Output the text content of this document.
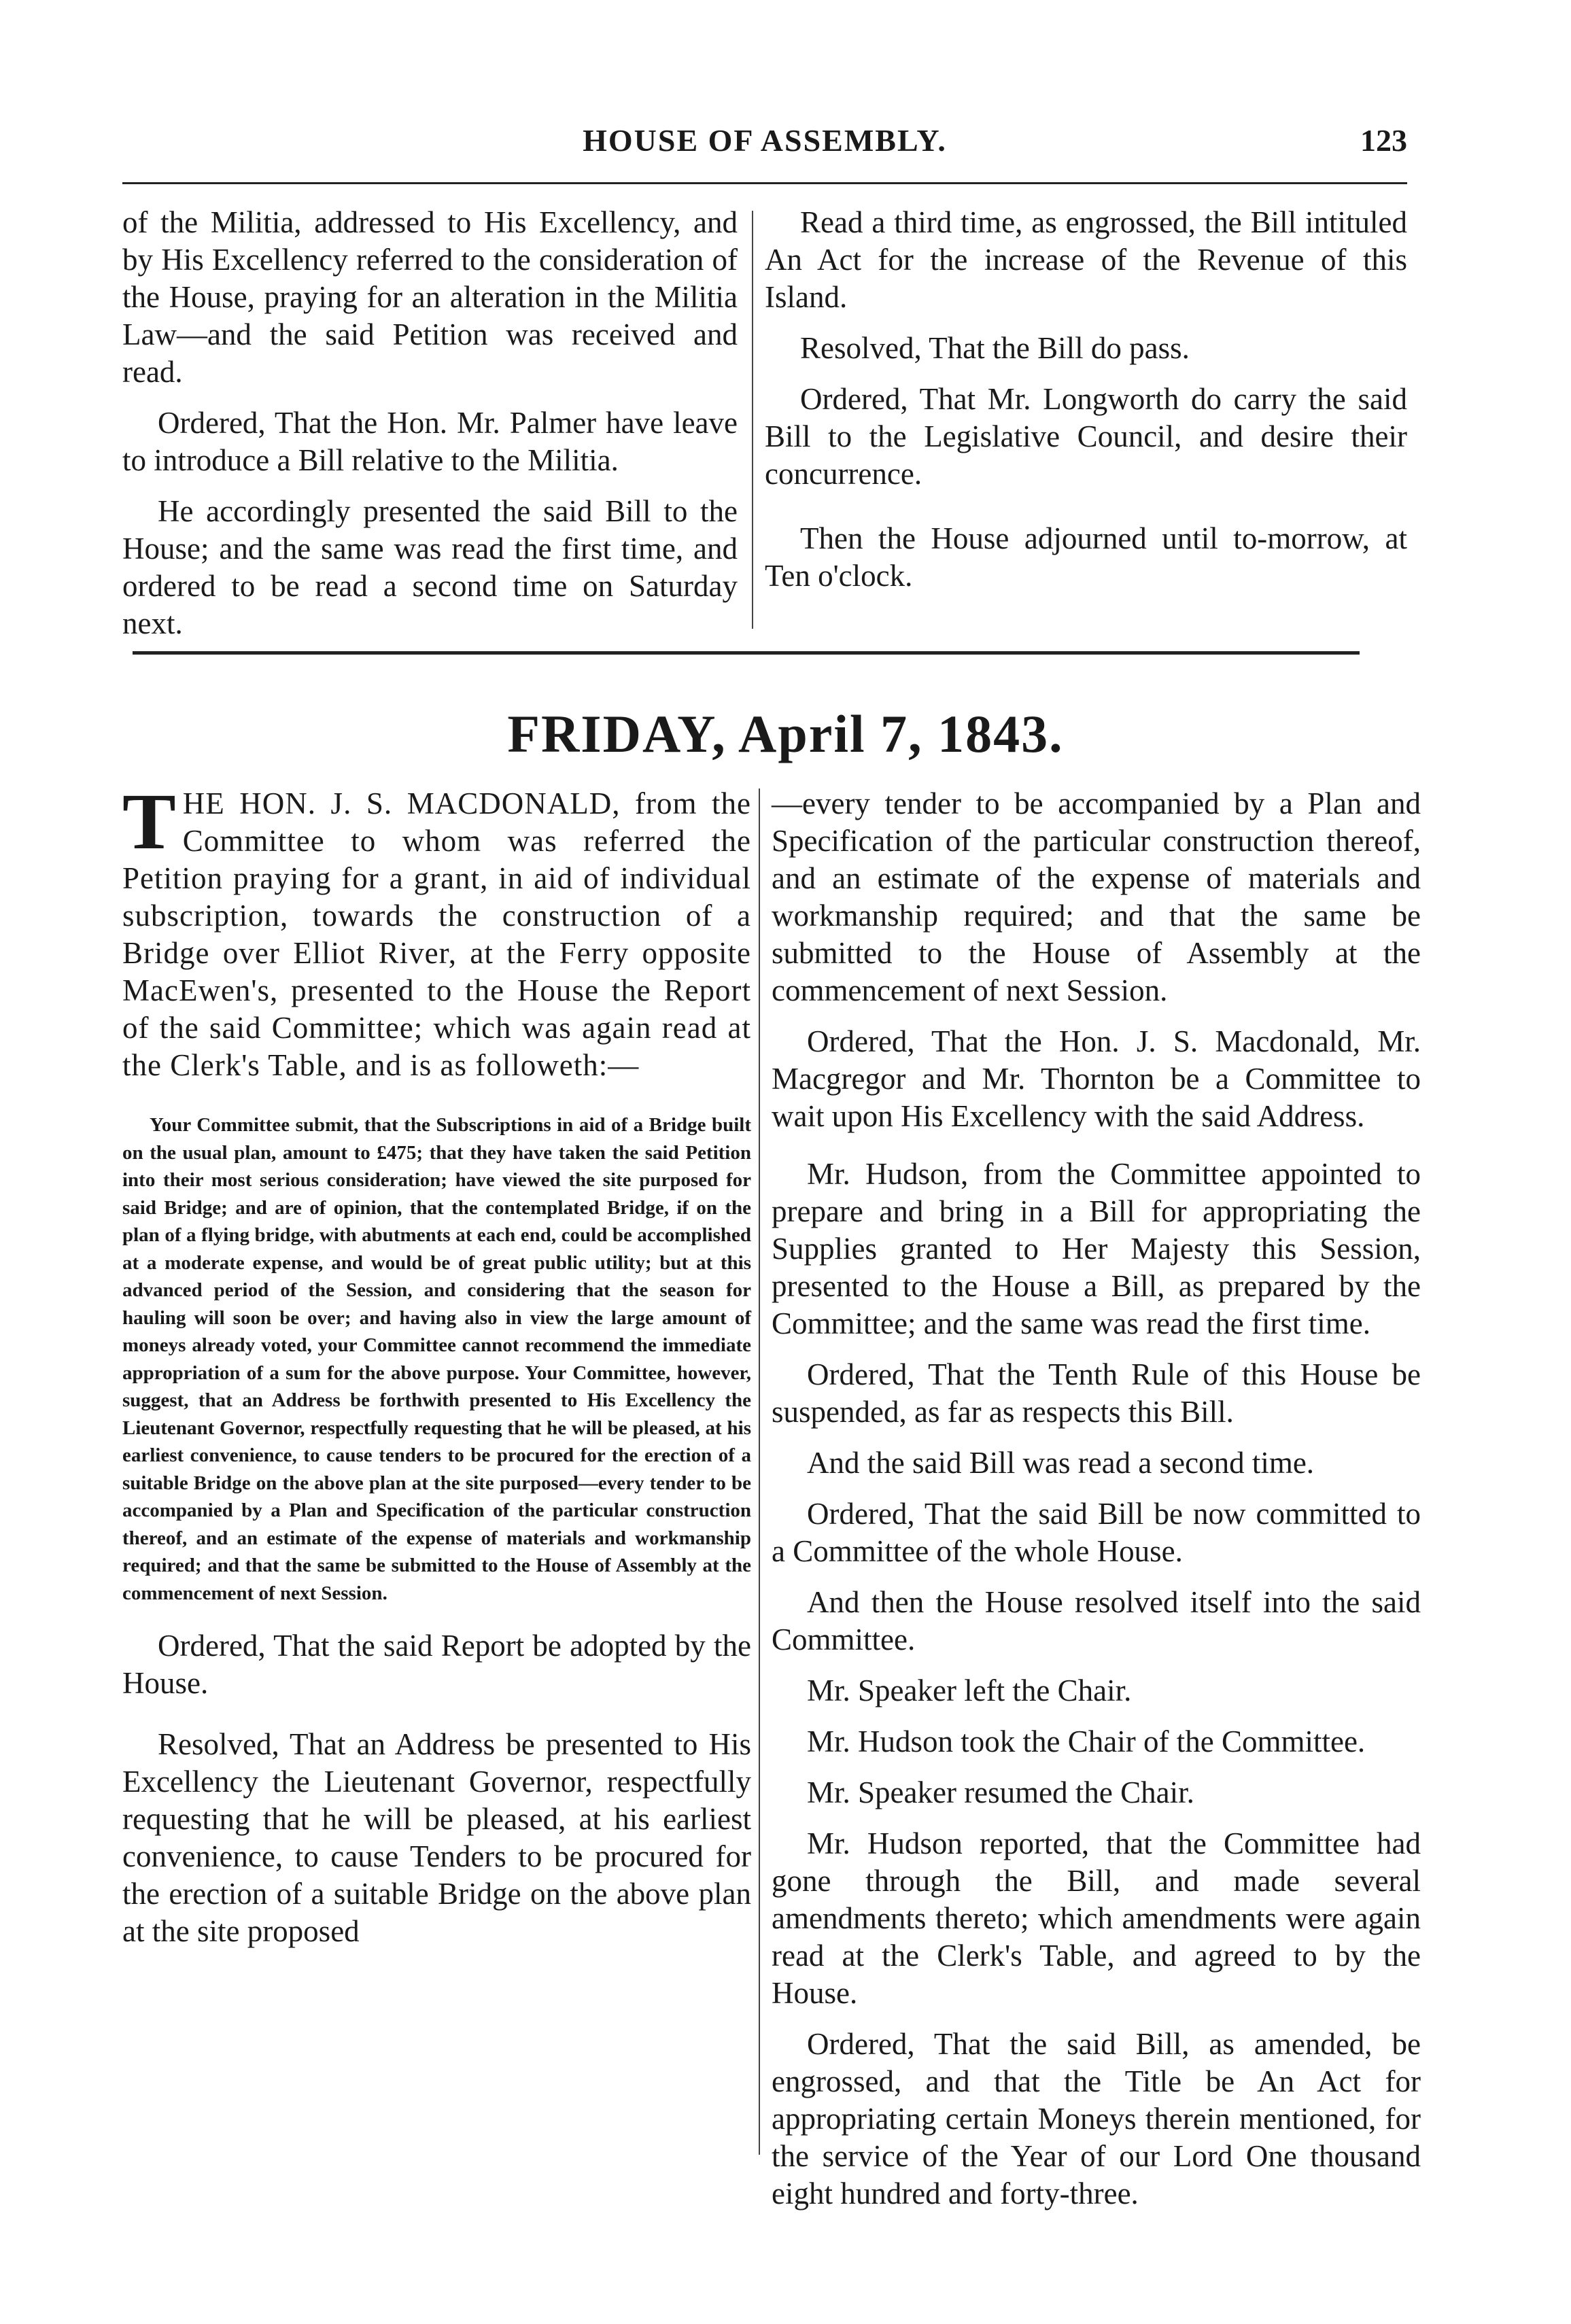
HOUSE OF ASSEMBLY.	123

of the Militia, addressed to His Excellency, and by His Excellency referred to the consideration of the House, praying for an alteration in the Militia Law—and the said Petition was received and read.

Ordered, That the Hon. Mr. Palmer have leave to introduce a Bill relative to the Militia.

He accordingly presented the said Bill to the House; and the same was read the first time, and ordered to be read a second time on Saturday next.

Read a third time, as engrossed, the Bill intituled An Act for the increase of the Revenue of this Island.

Resolved, That the Bill do pass.

Ordered, That Mr. Longworth do carry the said Bill to the Legislative Council, and desire their concurrence.

Then the House adjourned until to-morrow, at Ten o'clock.

FRIDAY, April 7, 1843.

THE HON. J. S. MACDONALD, from the Committee to whom was referred the Petition praying for a grant, in aid of individual subscription, towards the construction of a Bridge over Elliot River, at the Ferry opposite MacEwen's, presented to the House the Report of the said Committee; which was again read at the Clerk's Table, and is as followeth:—

Your Committee submit, that the Subscriptions in aid of a Bridge built on the usual plan, amount to £475; that they have taken the said Petition into their most serious consideration; have viewed the site purposed for said Bridge; and are of opinion, that the contemplated Bridge, if on the plan of a flying bridge, with abutments at each end, could be accomplished at a moderate expense, and would be of great public utility; but at this advanced period of the Session, and considering that the season for hauling will soon be over; and having also in view the large amount of moneys already voted, your Committee cannot recommend the immediate appropriation of a sum for the above purpose. Your Committee, however, suggest, that an Address be forthwith presented to His Excellency the Lieutenant Governor, respectfully requesting that he will be pleased, at his earliest convenience, to cause tenders to be procured for the erection of a suitable Bridge on the above plan at the site purposed—every tender to be accompanied by a Plan and Specification of the particular construction thereof, and an estimate of the expense of materials and workmanship required; and that the same be submitted to the House of Assembly at the commencement of next Session.

Ordered, That the said Report be adopted by the House.

Resolved, That an Address be presented to His Excellency the Lieutenant Governor, respectfully requesting that he will be pleased, at his earliest convenience, to cause Tenders to be procured for the erection of a suitable Bridge on the above plan at the site proposed

—every tender to be accompanied by a Plan and Specification of the particular construction thereof, and an estimate of the expense of materials and workmanship required; and that the same be submitted to the House of Assembly at the commencement of next Session.

Ordered, That the Hon. J. S. Macdonald, Mr. Macgregor and Mr. Thornton be a Committee to wait upon His Excellency with the said Address.

Mr. Hudson, from the Committee appointed to prepare and bring in a Bill for appropriating the Supplies granted to Her Majesty this Session, presented to the House a Bill, as prepared by the Committee; and the same was read the first time.

Ordered, That the Tenth Rule of this House be suspended, as far as respects this Bill.

And the said Bill was read a second time.

Ordered, That the said Bill be now committed to a Committee of the whole House.

And then the House resolved itself into the said Committee.

Mr. Speaker left the Chair.

Mr. Hudson took the Chair of the Committee.

Mr. Speaker resumed the Chair.

Mr. Hudson reported, that the Committee had gone through the Bill, and made several amendments thereto; which amendments were again read at the Clerk's Table, and agreed to by the House.

Ordered, That the said Bill, as amended, be engrossed, and that the Title be An Act for appropriating certain Moneys therein mentioned, for the service of the Year of our Lord One thousand eight hundred and forty-three.
